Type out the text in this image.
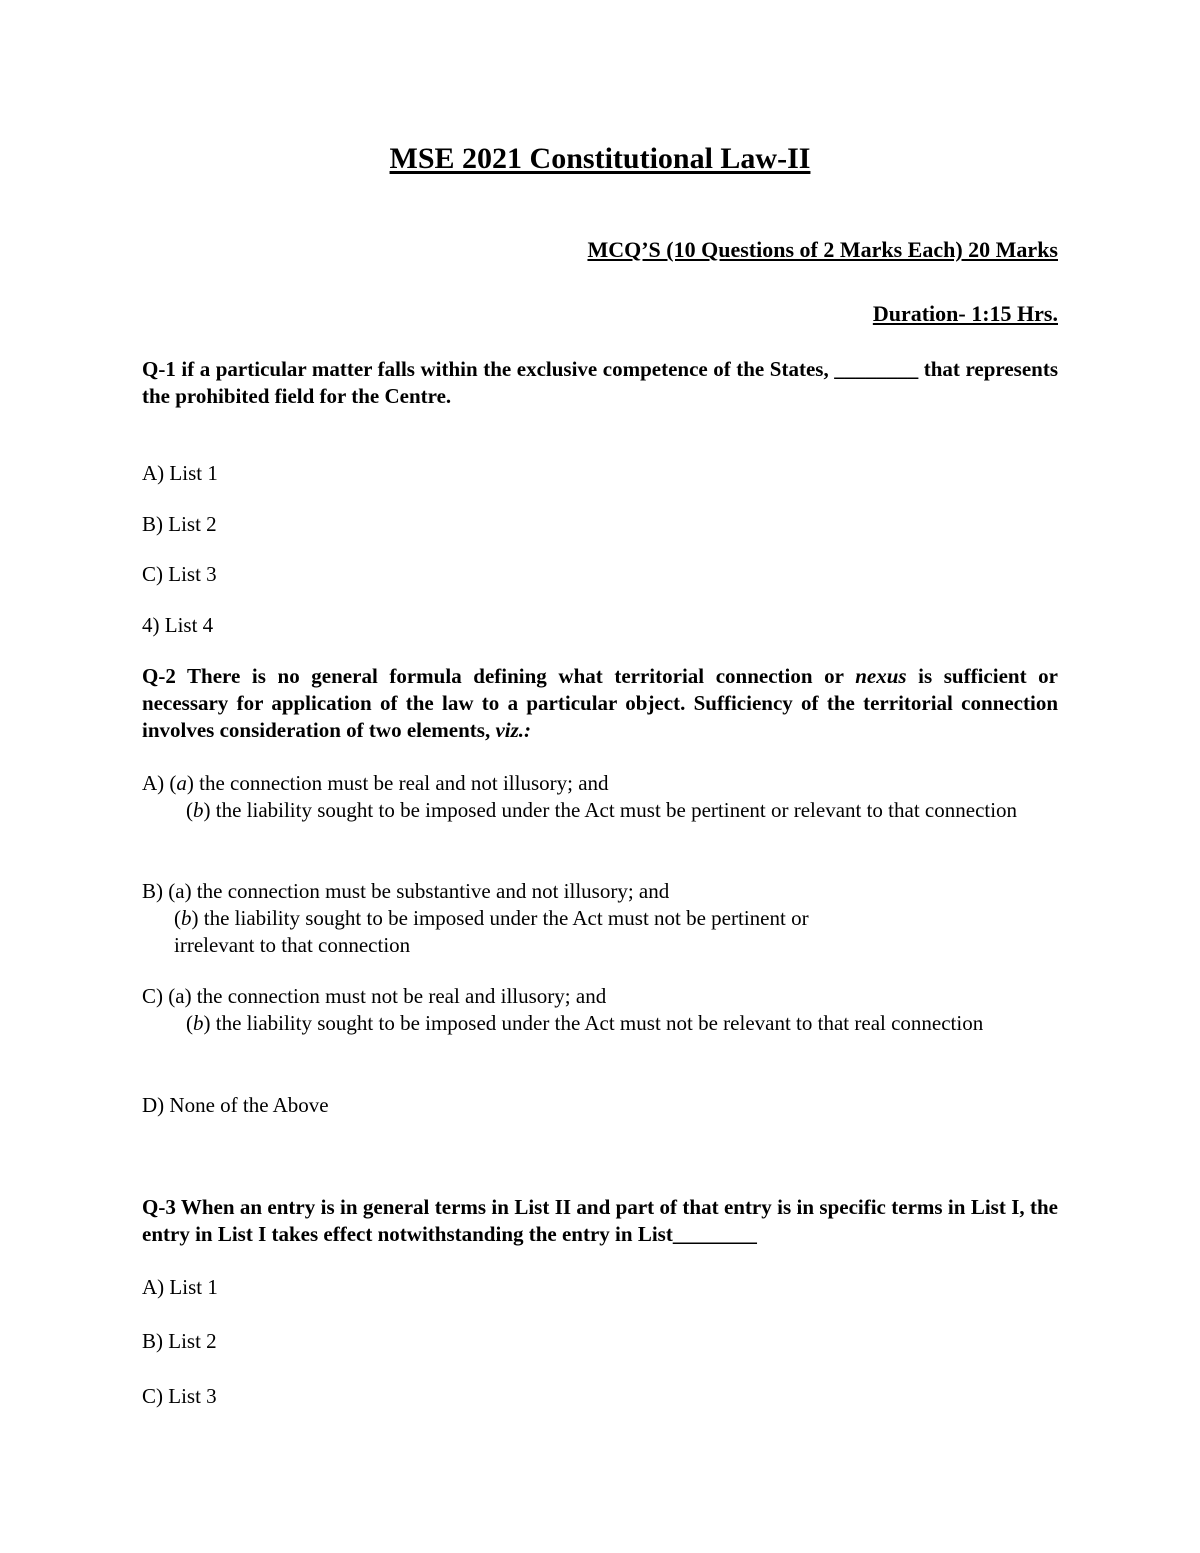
MSE 2021 Constitutional Law-II

MCQ’S (10 Questions of 2 Marks Each) 20 Marks

Duration- 1:15 Hrs.

Q-1 if a particular matter falls within the exclusive competence of the States, ________ that represents the prohibited field for the Centre.

A) List 1

B) List 2

C) List 3

4) List 4

Q-2 There is no general formula defining what territorial connection or nexus is sufficient or necessary for application of the law to a particular object. Sufficiency of the territorial connection involves consideration of two elements, viz.:

A) (a) the connection must be real and not illusory; and
(b) the liability sought to be imposed under the Act must be pertinent or relevant to that connection
B) (a) the connection must be substantive and not illusory; and
(b) the liability sought to be imposed under the Act must not be pertinent or
irrelevant to that connection
C) (a) the connection must not be real and illusory; and
(b) the liability sought to be imposed under the Act must not be relevant to that real connection

D) None of the Above

Q-3 When an entry is in general terms in List II and part of that entry is in specific terms in List I, the entry in List I takes effect notwithstanding the entry in List________

A) List 1

B) List 2

C) List 3
